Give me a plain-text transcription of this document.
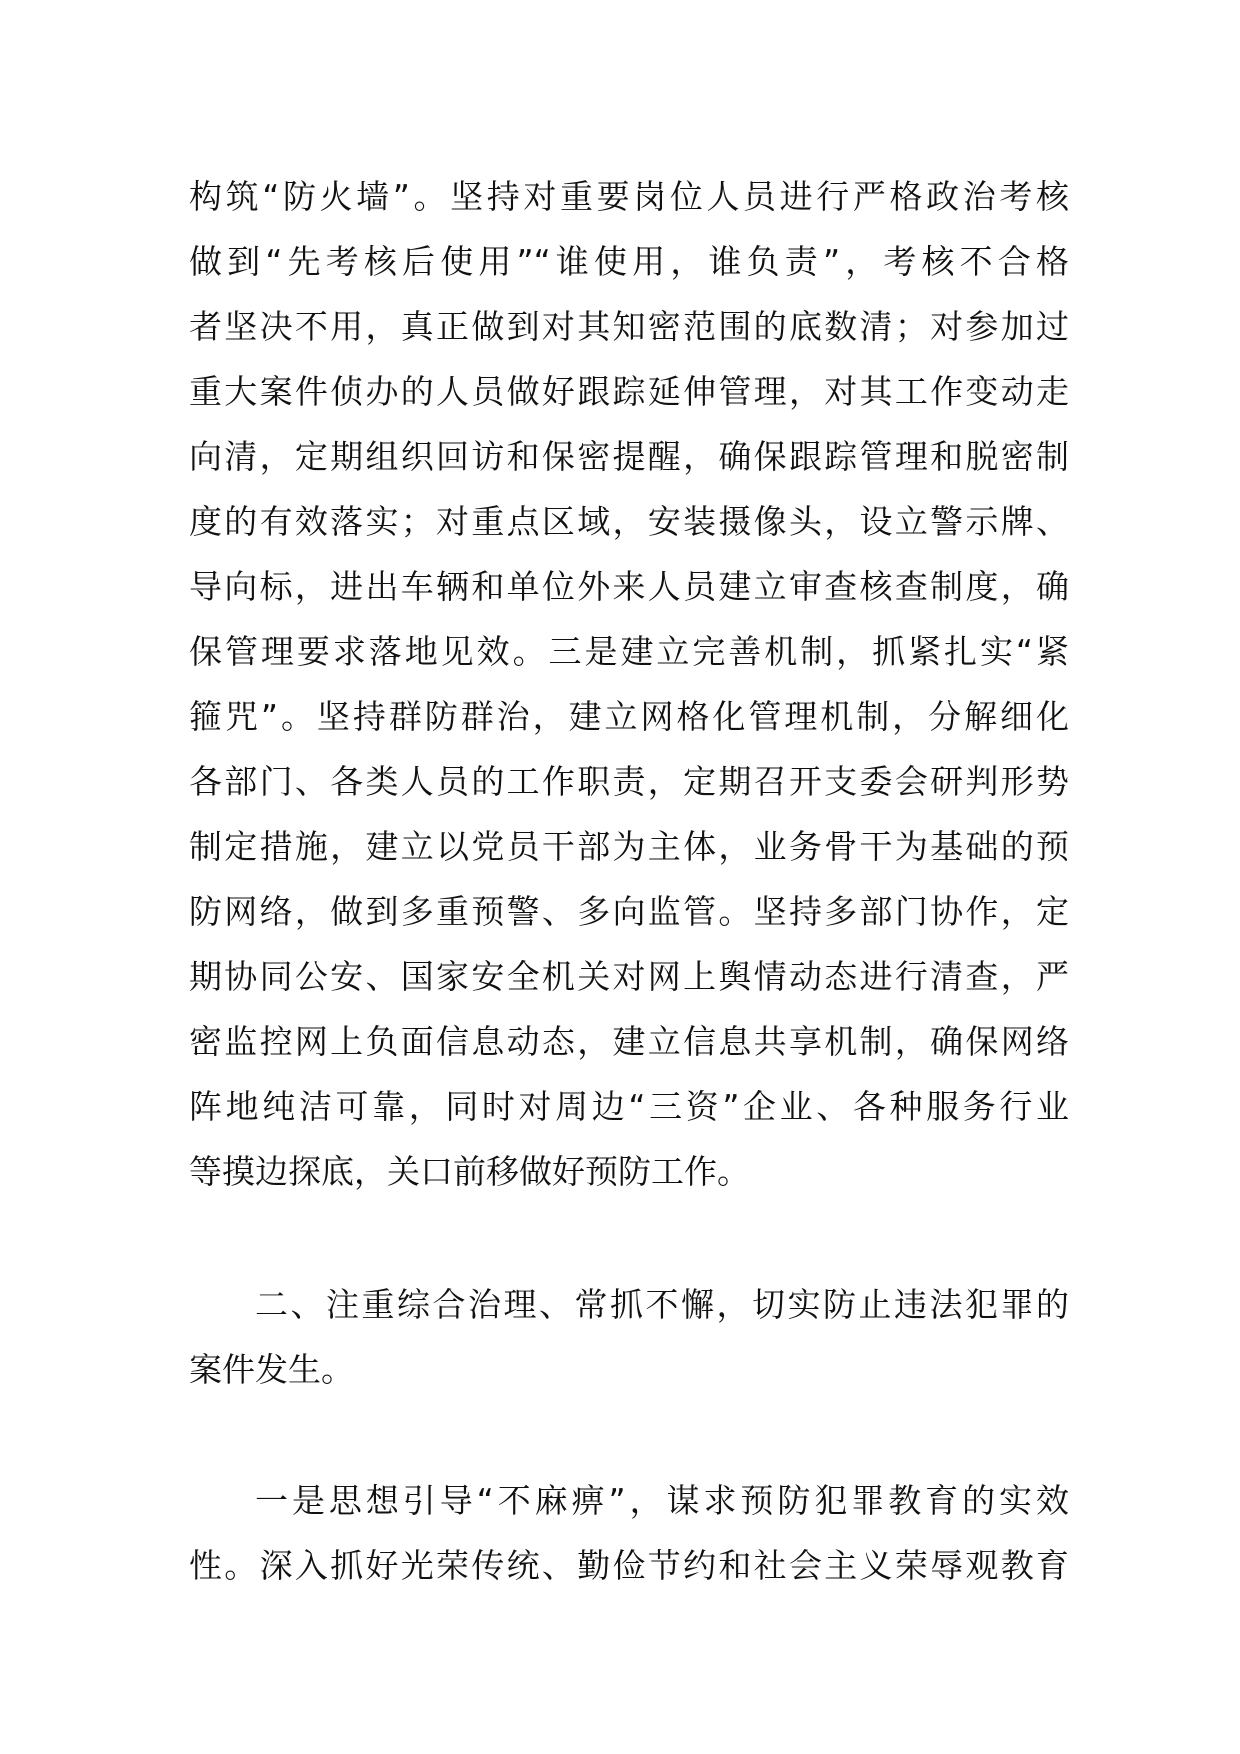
构筑“防火墙”。坚持对重要岗位人员进行严格政治考核
做到“先考核后使用”“谁使用，谁负责”，考核不合格
者坚决不用，真正做到对其知密范围的底数清；对参加过
重大案件侦办的人员做好跟踪延伸管理，对其工作变动走
向清，定期组织回访和保密提醒，确保跟踪管理和脱密制
度的有效落实；对重点区域，安装摄像头，设立警示牌、
导向标，进出车辆和单位外来人员建立审查核查制度，确
保管理要求落地见效。三是建立完善机制，抓紧扎实“紧
箍咒”。坚持群防群治，建立网格化管理机制，分解细化
各部门、各类人员的工作职责，定期召开支委会研判形势
制定措施，建立以党员干部为主体，业务骨干为基础的预
防网络，做到多重预警、多向监管。坚持多部门协作，定
期协同公安、国家安全机关对网上舆情动态进行清查，严
密监控网上负面信息动态，建立信息共享机制，确保网络
阵地纯洁可靠，同时对周边“三资”企业、各种服务行业
等摸边探底，关口前移做好预防工作。
二、注重综合治理、常抓不懈，切实防止违法犯罪的
案件发生。
一是思想引导“不麻痹”，谋求预防犯罪教育的实效
性。深入抓好光荣传统、勤俭节约和社会主义荣辱观教育
